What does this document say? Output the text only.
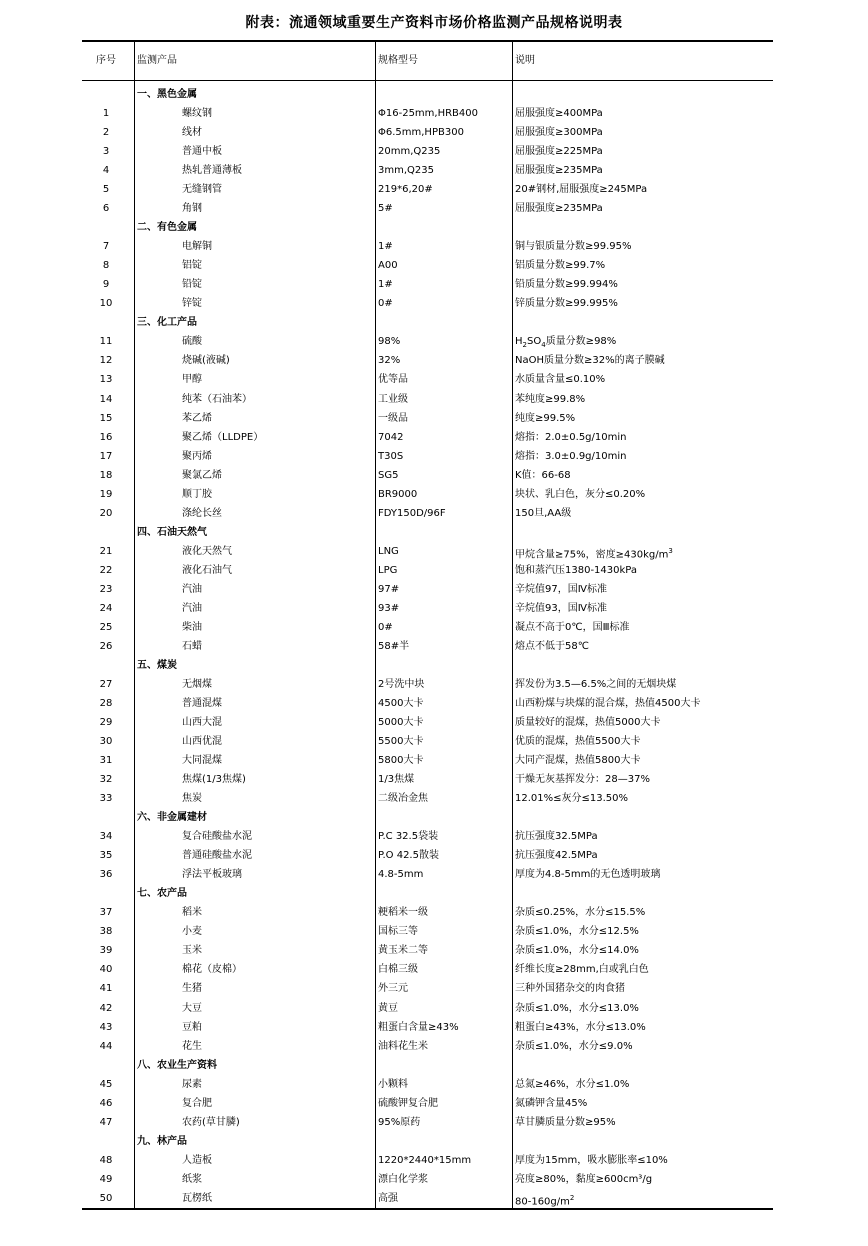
附表：流通领域重要生产资料市场价格监测产品规格说明表
序号	监测产品	规格型号	说明
一、黑色金属
1	螺纹钢	Φ16-25mm,HRB400	屈服强度≥400MPa
2	线材	Φ6.5mm,HPB300	屈服强度≥300MPa
3	普通中板	20mm,Q235	屈服强度≥225MPa
4	热轧普通薄板	3mm,Q235	屈服强度≥235MPa
5	无缝钢管	219*6,20#	20#钢材,屈服强度≥245MPa
6	角钢	5#	屈服强度≥235MPa
二、有色金属
7	电解铜	1#	铜与银质量分数≥99.95%
8	铝锭	A00	铝质量分数≥99.7%
9	铅锭	1#	铅质量分数≥99.994%
10	锌锭	0#	锌质量分数≥99.995%
三、化工产品
11	硫酸	98%	$H_2SO_4$质量分数≥98%
12	烧碱(液碱)	32%	NaOH质量分数≥32%的离子膜碱
13	甲醇	优等品	水质量含量≤0.10%
14	纯苯（石油苯）	工业级	苯纯度≥99.8%
15	苯乙烯	一级品	纯度≥99.5%
16	聚乙烯（LLDPE）	7042	熔指：2.0±0.5g/10min
17	聚丙烯	T30S	熔指：3.0±0.9g/10min
18	聚氯乙烯	SG5	K值：66-68
19	顺丁胶	BR9000	块状、乳白色，灰分≤0.20%
20	涤纶长丝	FDY150D/96F	150旦,AA级
四、石油天然气
21	液化天然气	LNG	甲烷含量≥75%，密度$\ge 430kg/m^3$
22	液化石油气	LPG	饱和蒸汽压1380-1430kPa
23	汽油	97#	辛烷值97，国Ⅳ标准
24	汽油	93#	辛烷值93，国Ⅳ标准
25	柴油	0#	凝点不高于0℃，国Ⅲ标准
26	石蜡	58#半	熔点不低于58℃
五、煤炭
27	无烟煤	2号洗中块	挥发份为3.5—6.5%之间的无烟块煤
28	普通混煤	4500大卡	山西粉煤与块煤的混合煤，热值4500大卡
29	山西大混	5000大卡	质量较好的混煤，热值5000大卡
30	山西优混	5500大卡	优质的混煤，热值5500大卡
31	大同混煤	5800大卡	大同产混煤，热值5800大卡
32	焦煤(1/3焦煤)	1/3焦煤	干燥无灰基挥发分：28—37%
33	焦炭	二级冶金焦	12.01%≤灰分≤13.50%
六、非金属建材
34	复合硅酸盐水泥	P.C 32.5袋装	抗压强度32.5MPa
35	普通硅酸盐水泥	P.O 42.5散装	抗压强度42.5MPa
36	浮法平板玻璃	4.8-5mm	厚度为4.8-5mm的无色透明玻璃
七、农产品
37	稻米	粳稻米一级	杂质≤0.25%，水分≤15.5%
38	小麦	国标三等	杂质≤1.0%，水分≤12.5%
39	玉米	黄玉米二等	杂质≤1.0%，水分≤14.0%
40	棉花（皮棉）	白棉三级	纤维长度≥28mm,白或乳白色
41	生猪	外三元	三种外国猪杂交的肉食猪
42	大豆	黄豆	杂质≤1.0%，水分≤13.0%
43	豆粕	粗蛋白含量≥43%	粗蛋白≥43%，水分≤13.0%
44	花生	油料花生米	杂质≤1.0%，水分≤9.0%
八、农业生产资料
45	尿素	小颗料	总氮≥46%，水分≤1.0%
46	复合肥	硫酸钾复合肥	氮磷钾含量45%
47	农药(草甘膦)	95%原药	草甘膦质量分数≥95%
九、林产品
48	人造板	1220*2440*15mm	厚度为15mm，吸水膨胀率≤10%
49	纸浆	漂白化学浆	亮度≥80%，黏度≥600cm³/g
50	瓦楞纸	高强	$80-160g/m^2$
